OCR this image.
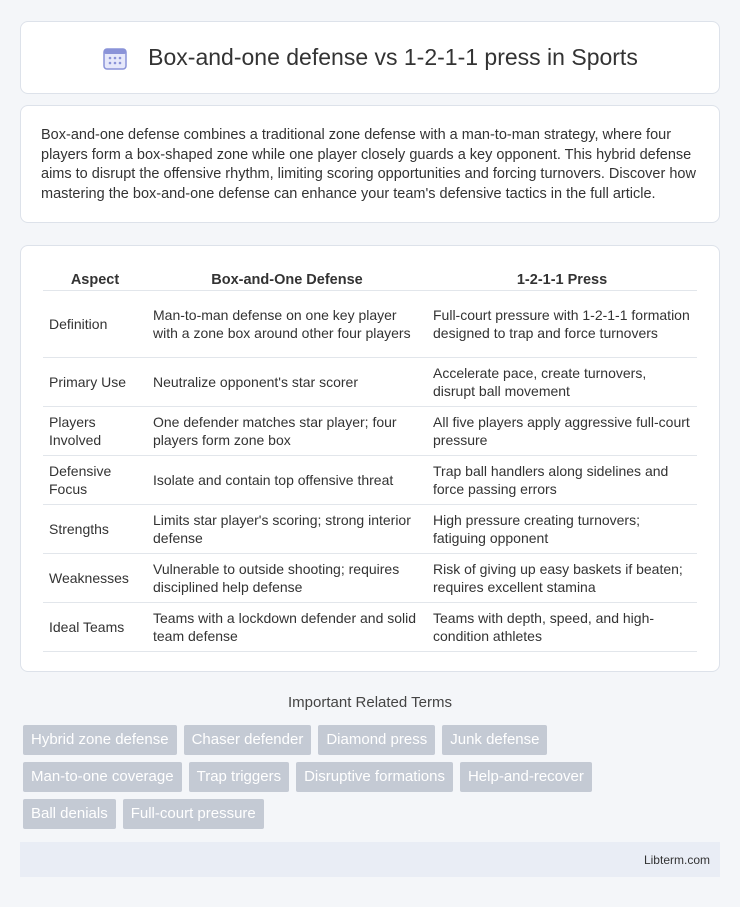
Box-and-one defense vs 1-2-1-1 press in Sports

Box-and-one defense combines a traditional zone defense with a man-to-man strategy, where four players form a box-shaped zone while one player closely guards a key opponent. This hybrid defense aims to disrupt the offensive rhythm, limiting scoring opportunities and forcing turnovers. Discover how mastering the box-and-one defense can enhance your team's defensive tactics in the full article.

Aspect	Box-and-One Defense	1-2-1-1 Press
Definition	Man-to-man defense on one key player with a zone box around other four players	Full-court pressure with 1-2-1-1 formation designed to trap and force turnovers
Primary Use	Neutralize opponent's star scorer	Accelerate pace, create turnovers, disrupt ball movement
Players Involved	One defender matches star player; four players form zone box	All five players apply aggressive full-court pressure
Defensive Focus	Isolate and contain top offensive threat	Trap ball handlers along sidelines and force passing errors
Strengths	Limits star player's scoring; strong interior defense	High pressure creating turnovers; fatiguing opponent
Weaknesses	Vulnerable to outside shooting; requires disciplined help defense	Risk of giving up easy baskets if beaten; requires excellent stamina
Ideal Teams	Teams with a lockdown defender and solid team defense	Teams with depth, speed, and high-condition athletes
Important Related Terms
Hybrid zone defense	Chaser defender	Diamond press	Junk defense
Man-to-one coverage	Trap triggers	Disruptive formations	Help-and-recover
Ball denials	Full-court pressure
Libterm.com
